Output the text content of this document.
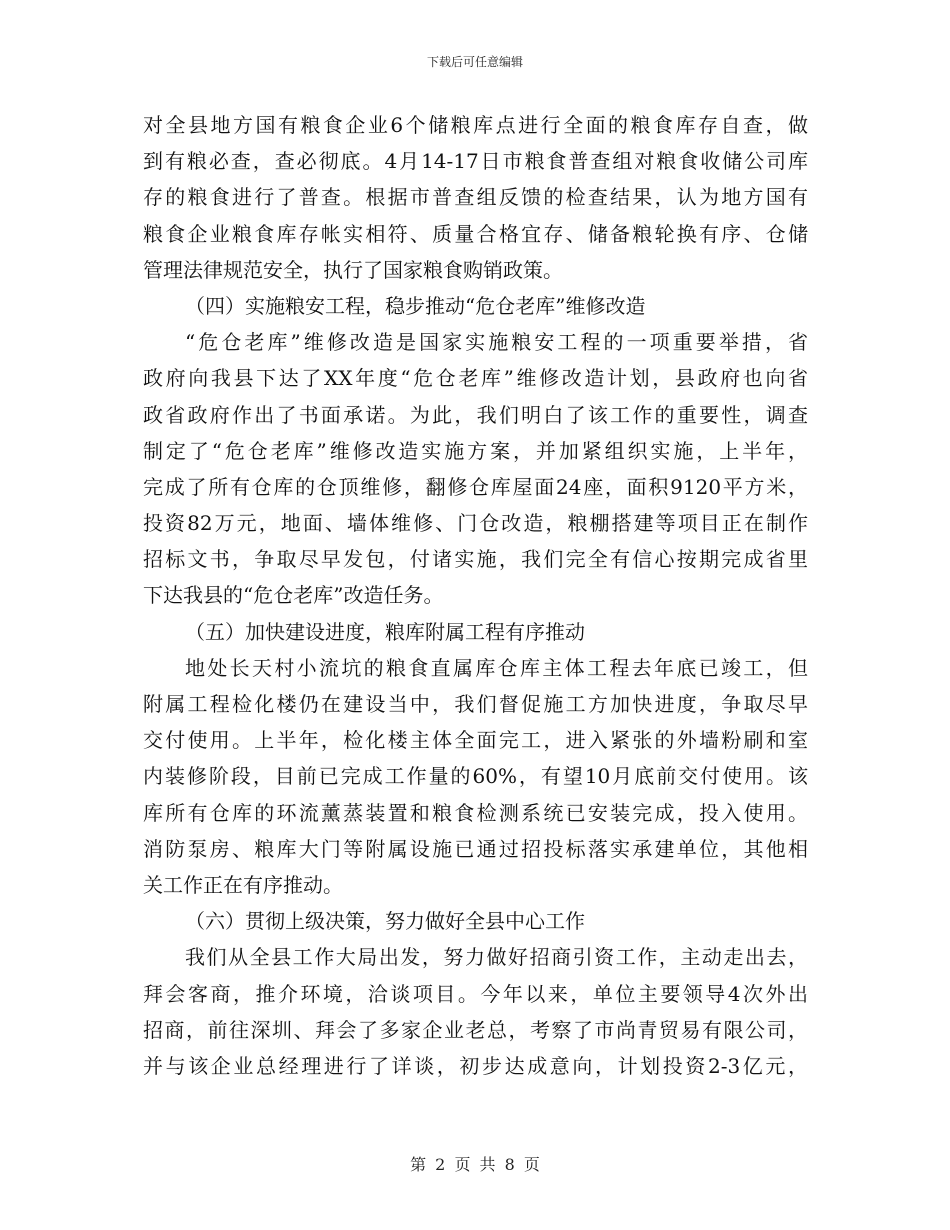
下载后可任意编辑
对全县地方国有粮食企业6个储粮库点进行全面的粮食库存自查，做
到有粮必查，查必彻底。4月14-17日市粮食普查组对粮食收储公司库
存的粮食进行了普查。根据市普查组反馈的检查结果，认为地方国有
粮食企业粮食库存帐实相符、质量合格宜存、储备粮轮换有序、仓储
管理法律规范安全，执行了国家粮食购销政策。
（四）实施粮安工程，稳步推动“危仓老库”维修改造
“危仓老库”维修改造是国家实施粮安工程的一项重要举措，省
政府向我县下达了XX年度“危仓老库”维修改造计划，县政府也向省
政省政府作出了书面承诺。为此，我们明白了该工作的重要性，调查
制定了“危仓老库”维修改造实施方案，并加紧组织实施，上半年，
完成了所有仓库的仓顶维修，翻修仓库屋面24座，面积9120平方米，
投资82万元，地面、墙体维修、门仓改造，粮棚搭建等项目正在制作
招标文书，争取尽早发包，付诸实施，我们完全有信心按期完成省里
下达我县的“危仓老库”改造任务。
（五）加快建设进度，粮库附属工程有序推动
地处长天村小流坑的粮食直属库仓库主体工程去年底已竣工，但
附属工程检化楼仍在建设当中，我们督促施工方加快进度，争取尽早
交付使用。上半年，检化楼主体全面完工，进入紧张的外墙粉刷和室
内装修阶段，目前已完成工作量的60%，有望10月底前交付使用。该
库所有仓库的环流薰蒸装置和粮食检测系统已安装完成，投入使用。
消防泵房、粮库大门等附属设施已通过招投标落实承建单位，其他相
关工作正在有序推动。
（六）贯彻上级决策，努力做好全县中心工作
我们从全县工作大局出发，努力做好招商引资工作，主动走出去，
拜会客商，推介环境，洽谈项目。今年以来，单位主要领导4次外出
招商，前往深圳、拜会了多家企业老总，考察了市尚青贸易有限公司，
并与该企业总经理进行了详谈，初步达成意向，计划投资2-3亿元，
第 2 页 共 8 页
